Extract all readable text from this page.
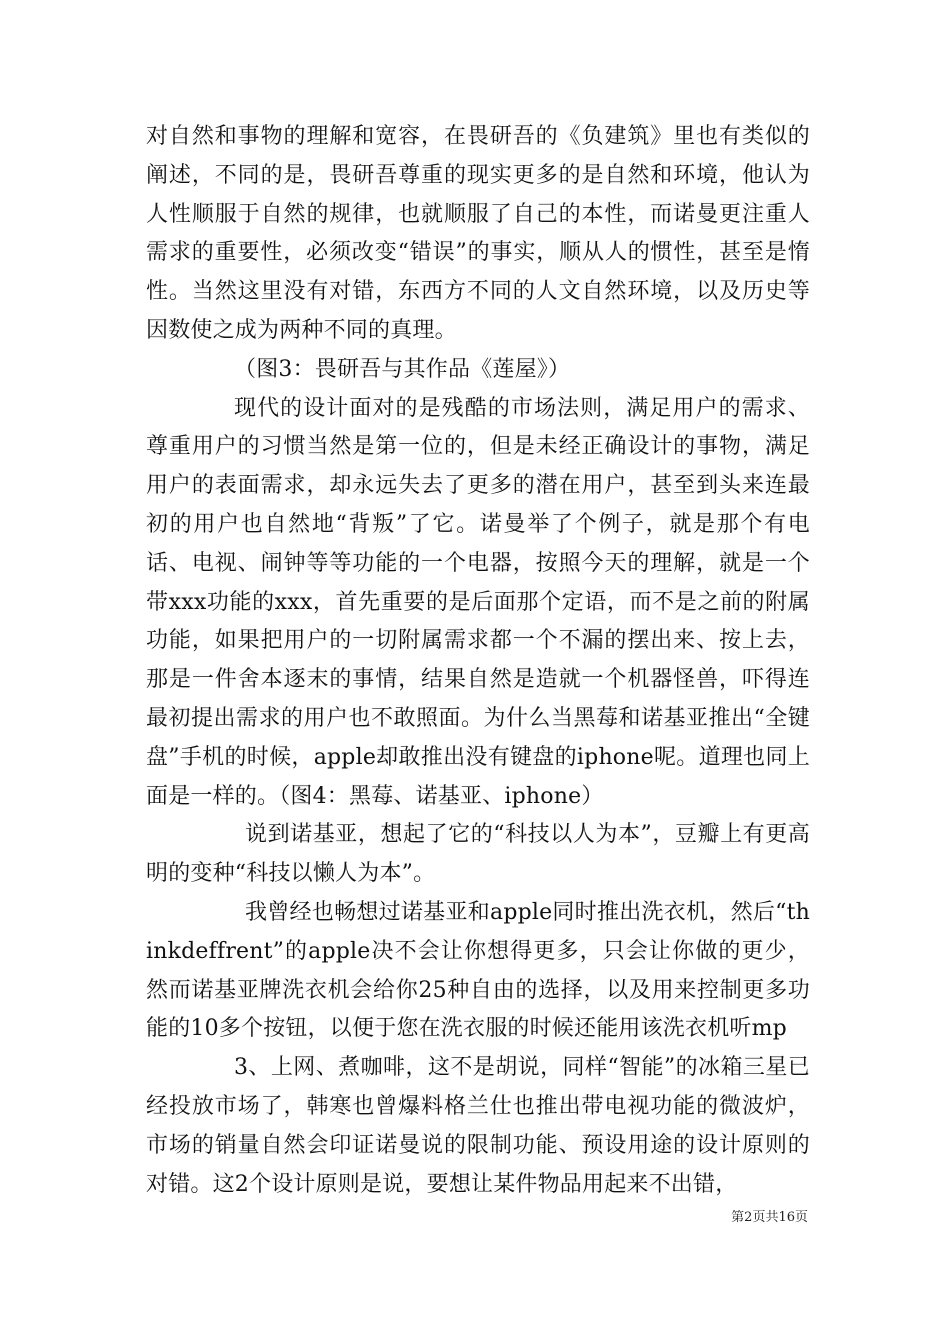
对自然和事物的理解和宽容，在畏研吾的《负建筑》里也有类似的阐述，不同的是，畏研吾尊重的现实更多的是自然和环境，他认为人性顺服于自然的规律，也就顺服了自己的本性，而诺曼更注重人需求的重要性，必须改变“错误”的事实，顺从人的惯性，甚至是惰性。当然这里没有对错，东西方不同的人文自然环境，以及历史等因数使之成为两种不同的真理。

（图3：畏研吾与其作品《莲屋》）

现代的设计面对的是残酷的市场法则，满足用户的需求、尊重用户的习惯当然是第一位的，但是未经正确设计的事物，满足用户的表面需求，却永远失去了更多的潜在用户，甚至到头来连最初的用户也自然地“背叛”了它。诺曼举了个例子，就是那个有电话、电视、闹钟等等功能的一个电器，按照今天的理解，就是一个带xxx功能的xxx，首先重要的是后面那个定语，而不是之前的附属功能，如果把用户的一切附属需求都一个不漏的摆出来、按上去，那是一件舍本逐末的事情，结果自然是造就一个机器怪兽，吓得连最初提出需求的用户也不敢照面。为什么当黑莓和诺基亚推出“全键盘”手机的时候，apple却敢推出没有键盘的iphone呢。道理也同上面是一样的。（图4：黑莓、诺基亚、iphone）

说到诺基亚，想起了它的“科技以人为本”，豆瓣上有更高明的变种“科技以懒人为本”。

我曾经也畅想过诺基亚和apple同时推出洗衣机，然后“thinkdeffrent”的apple决不会让你想得更多，只会让你做的更少，然而诺基亚牌洗衣机会给你25种自由的选择，以及用来控制更多功能的10多个按钮，以便于您在洗衣服的时候还能用该洗衣机听mp

3、上网、煮咖啡，这不是胡说，同样“智能”的冰箱三星已经投放市场了，韩寒也曾爆料格兰仕也推出带电视功能的微波炉，市场的销量自然会印证诺曼说的限制功能、预设用途的设计原则的对错。这2个设计原则是说，要想让某件物品用起来不出错，

第2页共16页
